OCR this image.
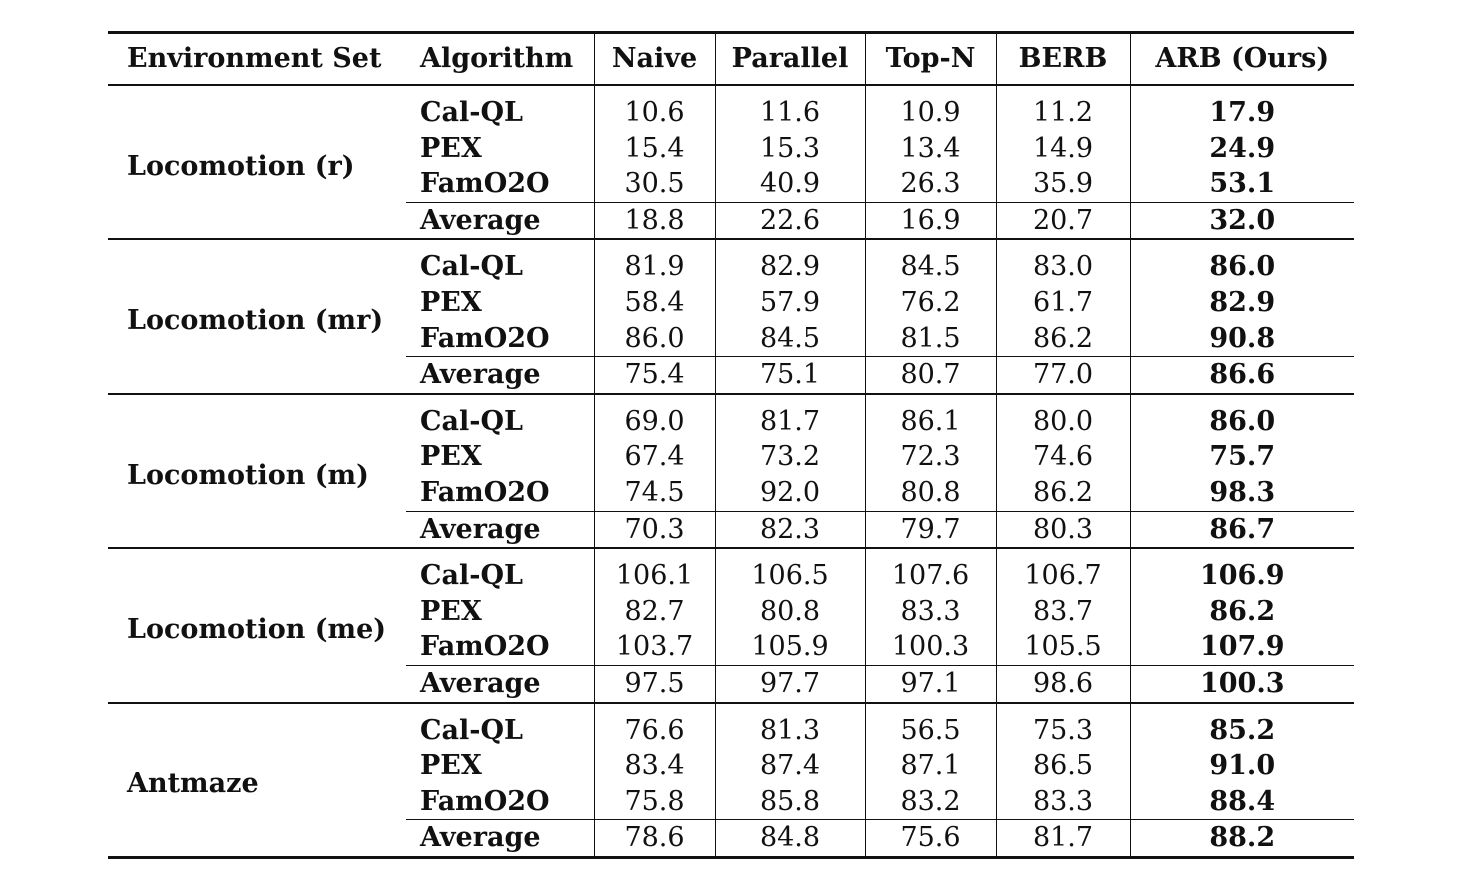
Environment Set	Algorithm	Naive	Parallel	Top-N	BERB	ARB (Ours)
Locomotion (r)	Cal-QL	10.6	11.6	10.9	11.2	17.9
	PEX	15.4	15.3	13.4	14.9	24.9
	FamO2O	30.5	40.9	26.3	35.9	53.1
	Average	18.8	22.6	16.9	20.7	32.0
Locomotion (mr)	Cal-QL	81.9	82.9	84.5	83.0	86.0
	PEX	58.4	57.9	76.2	61.7	82.9
	FamO2O	86.0	84.5	81.5	86.2	90.8
	Average	75.4	75.1	80.7	77.0	86.6
Locomotion (m)	Cal-QL	69.0	81.7	86.1	80.0	86.0
	PEX	67.4	73.2	72.3	74.6	75.7
	FamO2O	74.5	92.0	80.8	86.2	98.3
	Average	70.3	82.3	79.7	80.3	86.7
Locomotion (me)	Cal-QL	106.1	106.5	107.6	106.7	106.9
	PEX	82.7	80.8	83.3	83.7	86.2
	FamO2O	103.7	105.9	100.3	105.5	107.9
	Average	97.5	97.7	97.1	98.6	100.3
Antmaze	Cal-QL	76.6	81.3	56.5	75.3	85.2
	PEX	83.4	87.4	87.1	86.5	91.0
	FamO2O	75.8	85.8	83.2	83.3	88.4
	Average	78.6	84.8	75.6	81.7	88.2
